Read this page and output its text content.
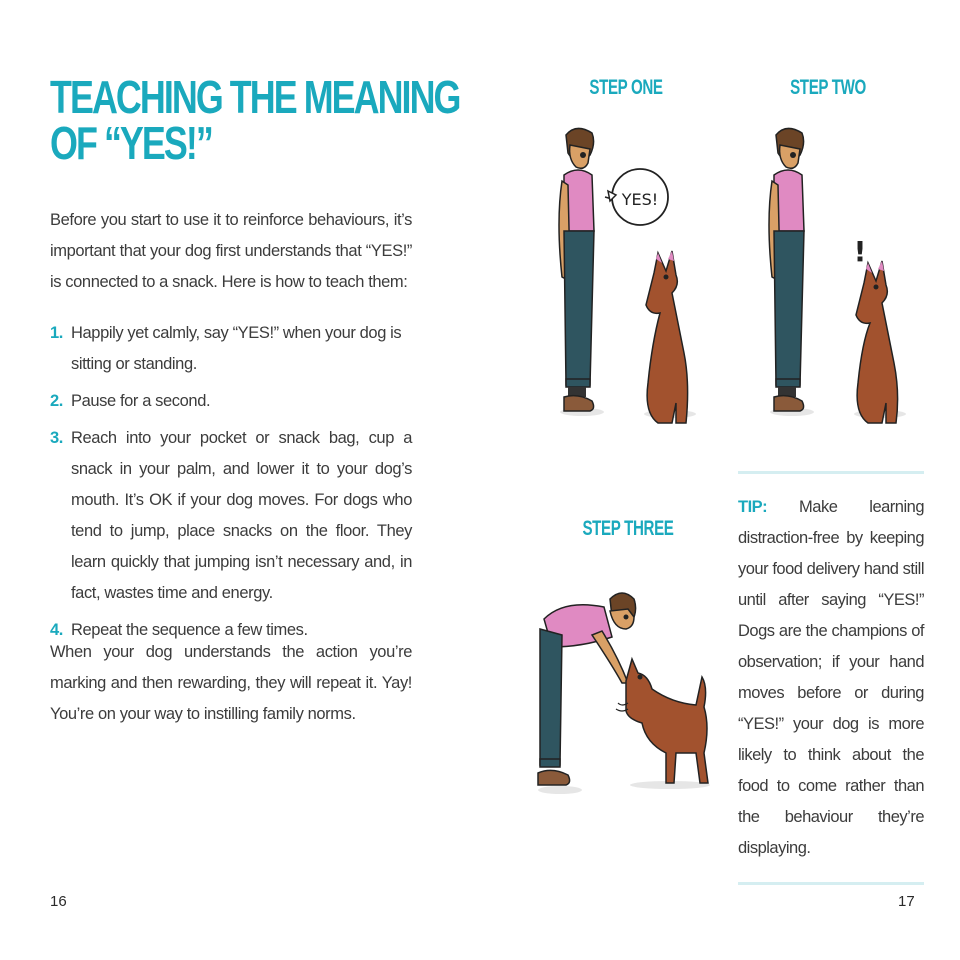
TEACHING THE MEANING
OF “YES!”

Before you start to use it to reinforce behaviours, it’s important that your dog first understands that “YES!” is connected to a snack. Here is how to teach them:

1. Happily yet calmly, say “YES!” when your dog is sitting or standing.
2. Pause for a second.
3. Reach into your pocket or snack bag, cup a snack in your palm, and lower it to your dog’s mouth. It’s OK if your dog moves. For dogs who tend to jump, place snacks on the floor. They learn quickly that jumping isn’t necessary and, in fact, wastes time and energy.
4. Repeat the sequence a few times.

When your dog understands the action you’re marking and then rewarding, they will repeat it. Yay! You’re on your way to instilling family norms.

16
STEP ONE	STEP TWO
STEP THREE
YES!
!

TIP: Make learning distraction-free by keeping your food delivery hand still until after saying “YES!” Dogs are the champions of observation; if your hand moves before or during “YES!” your dog is more likely to think about the food to come rather than the behaviour they’re displaying.

17
